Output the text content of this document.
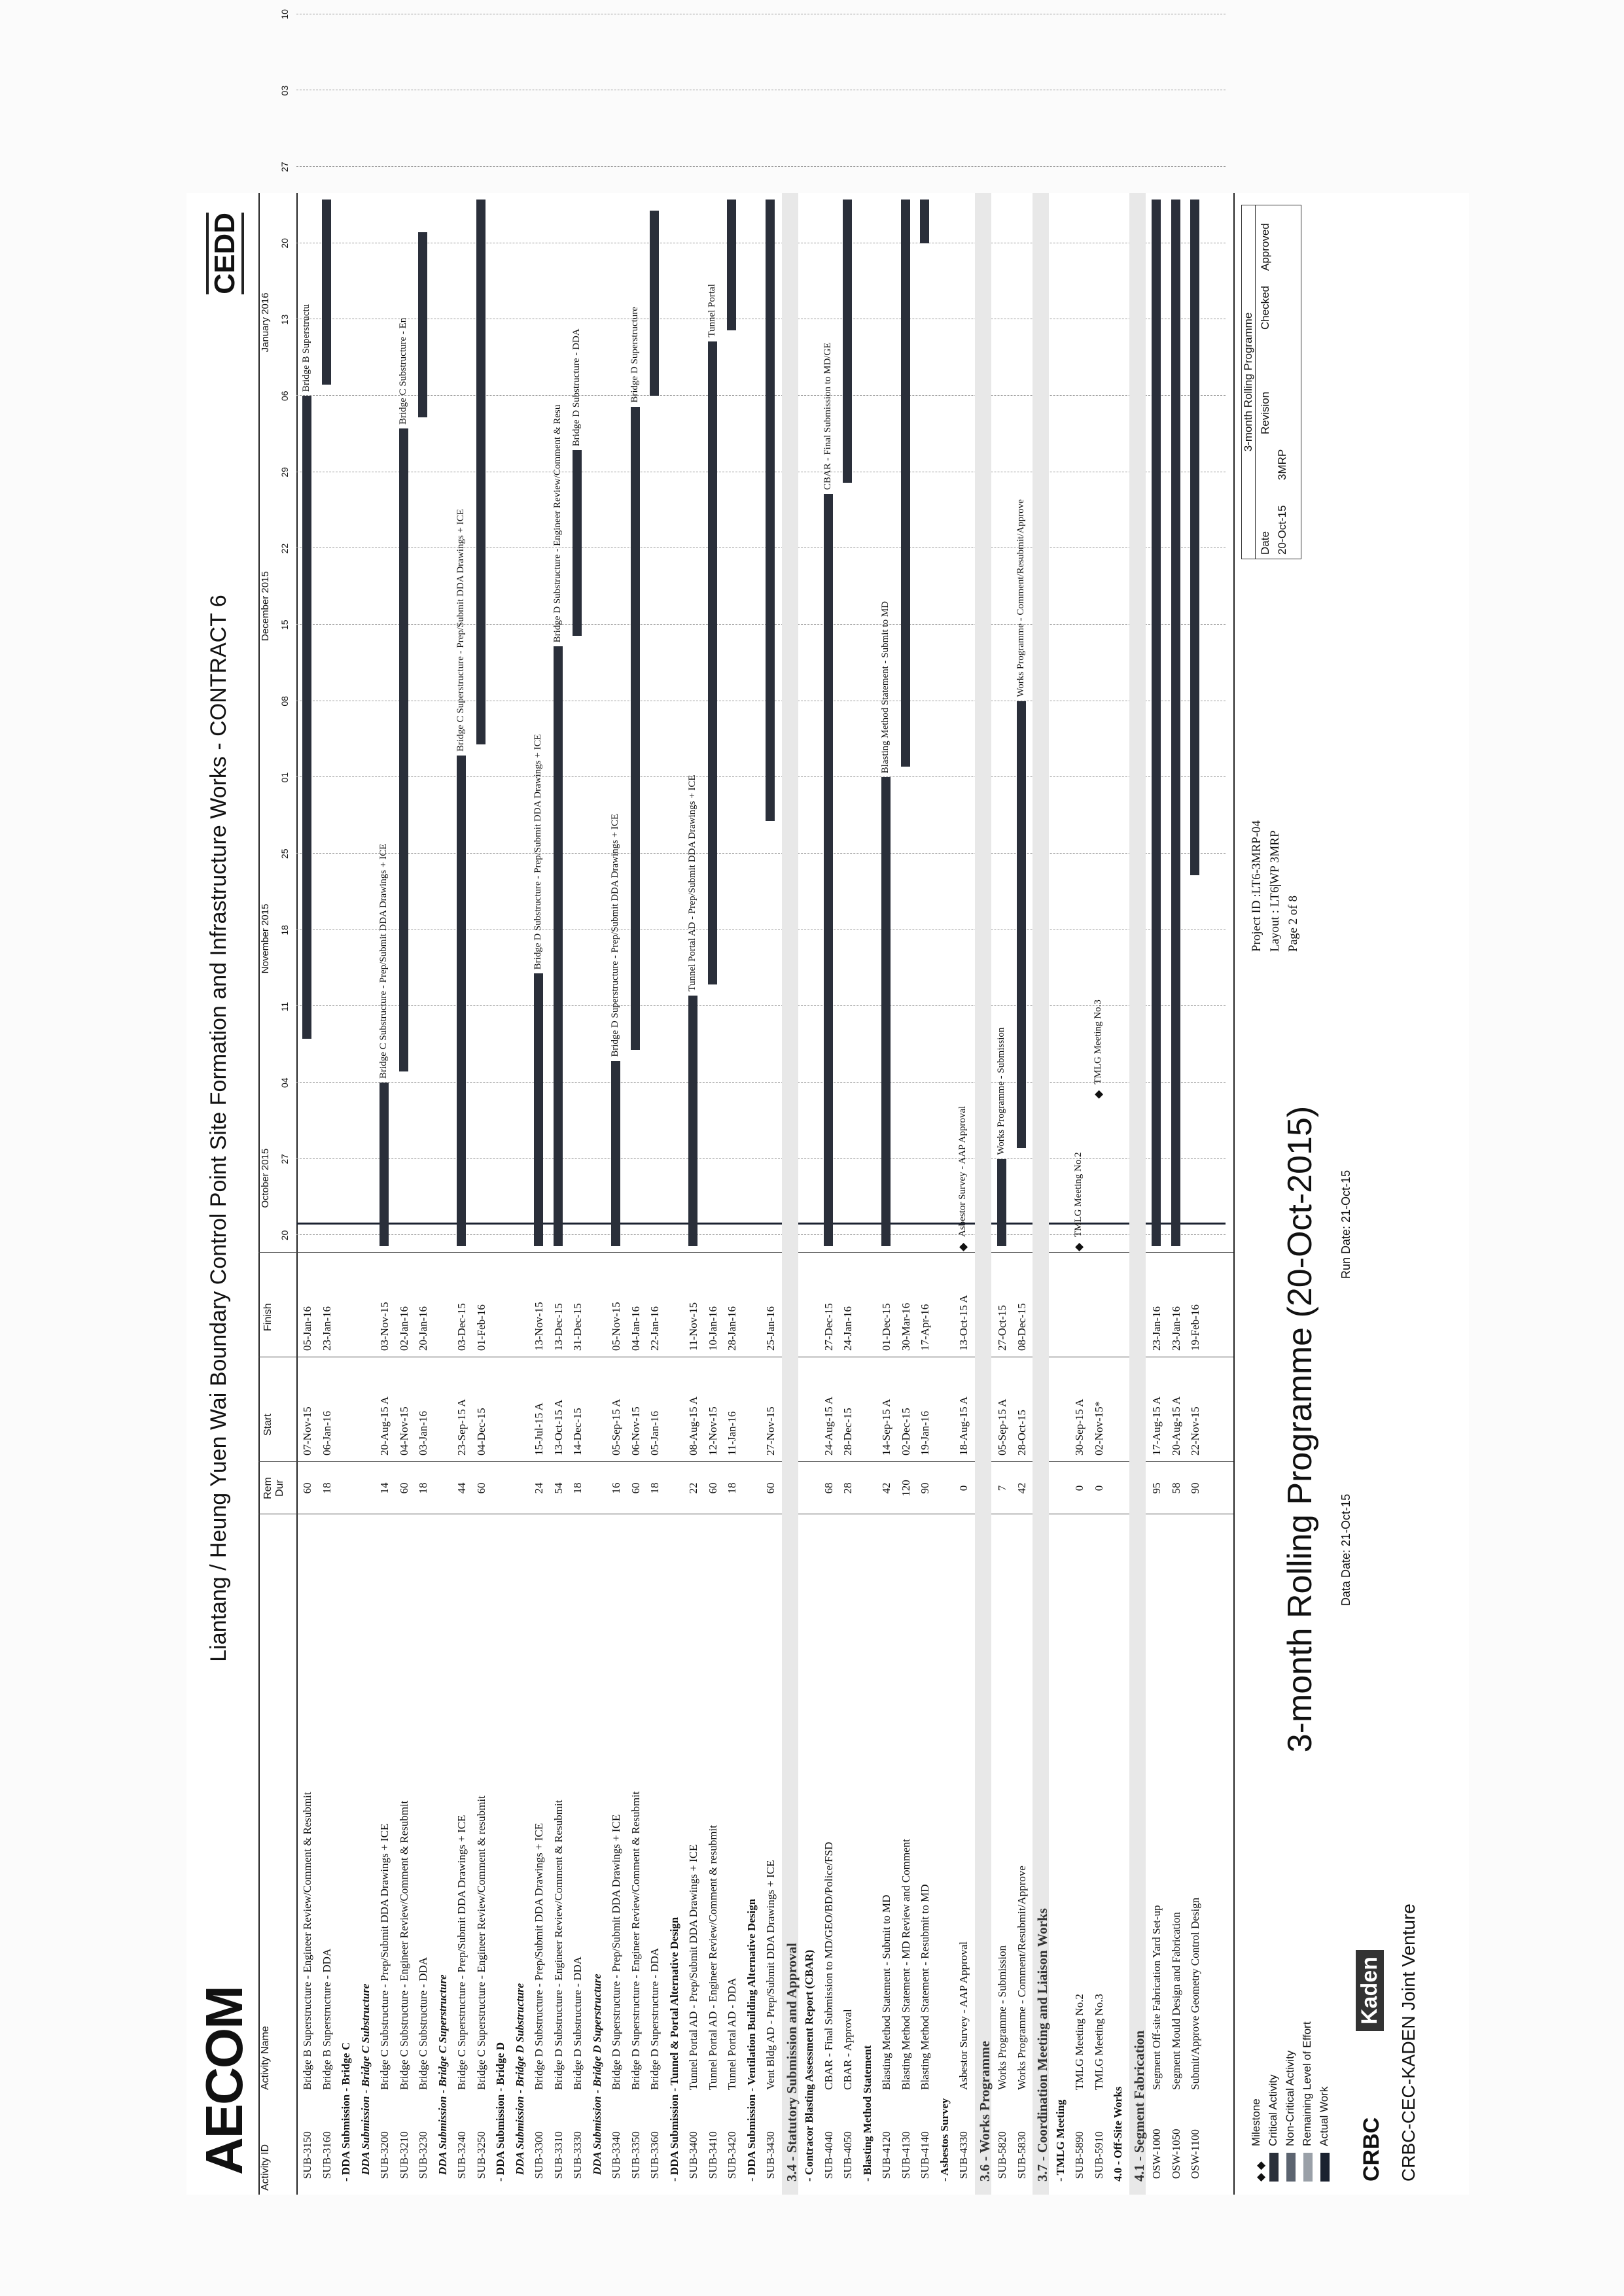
AECOM
Liantang / Heung Yuen Wai Boundary Control Point Site Formation and Infrastructure Works - CONTRACT 6
CEDD
Activity ID
Activity Name
Rem Dur
Start
Finish
October 2015
November 2015
December 2015
January 2016
20
27
04
11
18
25
01
08
15
22
29
06
13
20
27
03
10
SUB-3150
Bridge B Superstructure - Engineer Review/Comment & Resubmit
60
07-Nov-15
05-Jan-16
Bridge B Superstructu
SUB-3160
Bridge B Superstructure - DDA
18
06-Jan-16
23-Jan-16
- DDA Submission - Bridge C DDA Submission - Bridge C Substructure SUB-3200
Bridge C Substructure - Prep/Submit DDA Drawings + ICE
14
20-Aug-15 A
03-Nov-15
Bridge C Substructure - Prep/Submit DDA Drawings + ICE
SUB-3210
Bridge C Substructure - Engineer Review/Comment & Resubmit
60
04-Nov-15
02-Jan-16
Bridge C Substructure - En
SUB-3230
Bridge C Substructure - DDA
18
03-Jan-16
20-Jan-16
DDA Submission - Bridge C Superstructure SUB-3240
Bridge C Superstructure - Prep/Submit DDA Drawings + ICE
44
23-Sep-15 A
03-Dec-15
Bridge C Superstructure - Prep/Submit DDA Drawings + ICE
SUB-3250
Bridge C Superstructure - Engineer Review/Comment & resubmit
60
04-Dec-15
01-Feb-16
- DDA Submission - Bridge D DDA Submission - Bridge D Substructure SUB-3300
Bridge D Substructure - Prep/Submit DDA Drawings + ICE
24
15-Jul-15 A
13-Nov-15
Bridge D Substructure - Prep/Submit DDA Drawings + ICE
SUB-3310
Bridge D Substructure - Engineer Review/Comment & Resubmit
54
13-Oct-15 A
13-Dec-15
Bridge D Substructure - Engineer Review/Comment & Resu
SUB-3330
Bridge D Substructure - DDA
18
14-Dec-15
31-Dec-15
Bridge D Substructure - DDA
DDA Submission - Bridge D Superstructure SUB-3340
Bridge D Superstructure - Prep/Submit DDA Drawings + ICE
16
05-Sep-15 A
05-Nov-15
Bridge D Superstructure - Prep/Submit DDA Drawings + ICE
SUB-3350
Bridge D Superstructure - Engineer Review/Comment & Resubmit
60
06-Nov-15
04-Jan-16
Bridge D Superstructure
SUB-3360
Bridge D Superstructure - DDA
18
05-Jan-16
22-Jan-16
- DDA Submission - Tunnel & Portal Alternative Design SUB-3400
Tunnel Portal AD - Prep/Submit DDA Drawings + ICE
22
08-Aug-15 A
11-Nov-15
Tunnel Portal AD - Prep/Submit DDA Drawings + ICE
SUB-3410
Tunnel Portal AD - Engineer Review/Comment & resubmit
60
12-Nov-15
10-Jan-16
Tunnel Portal
SUB-3420
Tunnel Portal AD - DDA
18
11-Jan-16
28-Jan-16
- DDA Submission - Ventilation Building Alternative Design SUB-3430
Vent Bldg AD - Prep/Submit DDA Drawings + ICE
60
27-Nov-15
25-Jan-16
3.4 - Statutory Submission and Approval - Contracor Blasting Assessment Report (CBAR) SUB-4040
CBAR - Final Submission to MD/GEO/BD/Police/FSD
68
24-Aug-15 A
27-Dec-15
CBAR - Final Submission to MD/GE
SUB-4050
CBAR - Approval
28
28-Dec-15
24-Jan-16
- Blasting Method Statement SUB-4120
Blasting Method Statement - Submit to MD
42
14-Sep-15 A
01-Dec-15
Blasting Method Statement - Submit to MD
SUB-4130
Blasting Method Statement - MD Review and Comment
120
02-Dec-15
30-Mar-16
SUB-4140
Blasting Method Statement - Resubmit to MD
90
19-Jan-16
17-Apr-16
- Asbestos Survey SUB-4330
Asbestor Survey - AAP Approval
0
18-Aug-15 A
13-Oct-15 A
◆
Asbestor Survey - AAP Approval
3.6 - Works Programme SUB-5820
Works Programme - Submission
7
05-Sep-15 A
27-Oct-15
Works Programme - Submission
SUB-5830
Works Programme - Comment/Resubmit/Approve
42
28-Oct-15
08-Dec-15
Works Programme - Comment/Resubmit/Approve
3.7 - Coordination Meeting and Liaison Works - TMLG Meeting SUB-5890
TMLG Meeting No.2
0
30-Sep-15 A
◆
TMLG Meeting No.2
SUB-5910
TMLG Meeting No.3
0
02-Nov-15*
◆
TMLG Meeting No.3
4.0 - Off-Site Works 4.1 - Segment Fabrication OSW-1000
Segment Off-site Fabrication Yard Set-up
95
17-Aug-15 A
23-Jan-16
OSW-1050
Segment Mould Design and Fabrication
58
20-Aug-15 A
23-Jan-16
OSW-1100
Submit/Approve Geometry Control Design
90
22-Nov-15
19-Feb-16
◆ ◆Milestone Critical Activity Non-Critical Activity Remaining Level of Effort Actual Work
CRBC
Kaden CRBC-CEC-KADEN Joint Venture
3-month Rolling Programme (20-Oct-2015) Data Date: 21-Oct-15
Run Date: 21-Oct-15
Project ID :LT6-3MRP-04 Layout : LT6|WP 3MRP Page 2 of 8
3-month Rolling Programme
Date
Revision
Checked
Approved
20-Oct-15
3MRP
